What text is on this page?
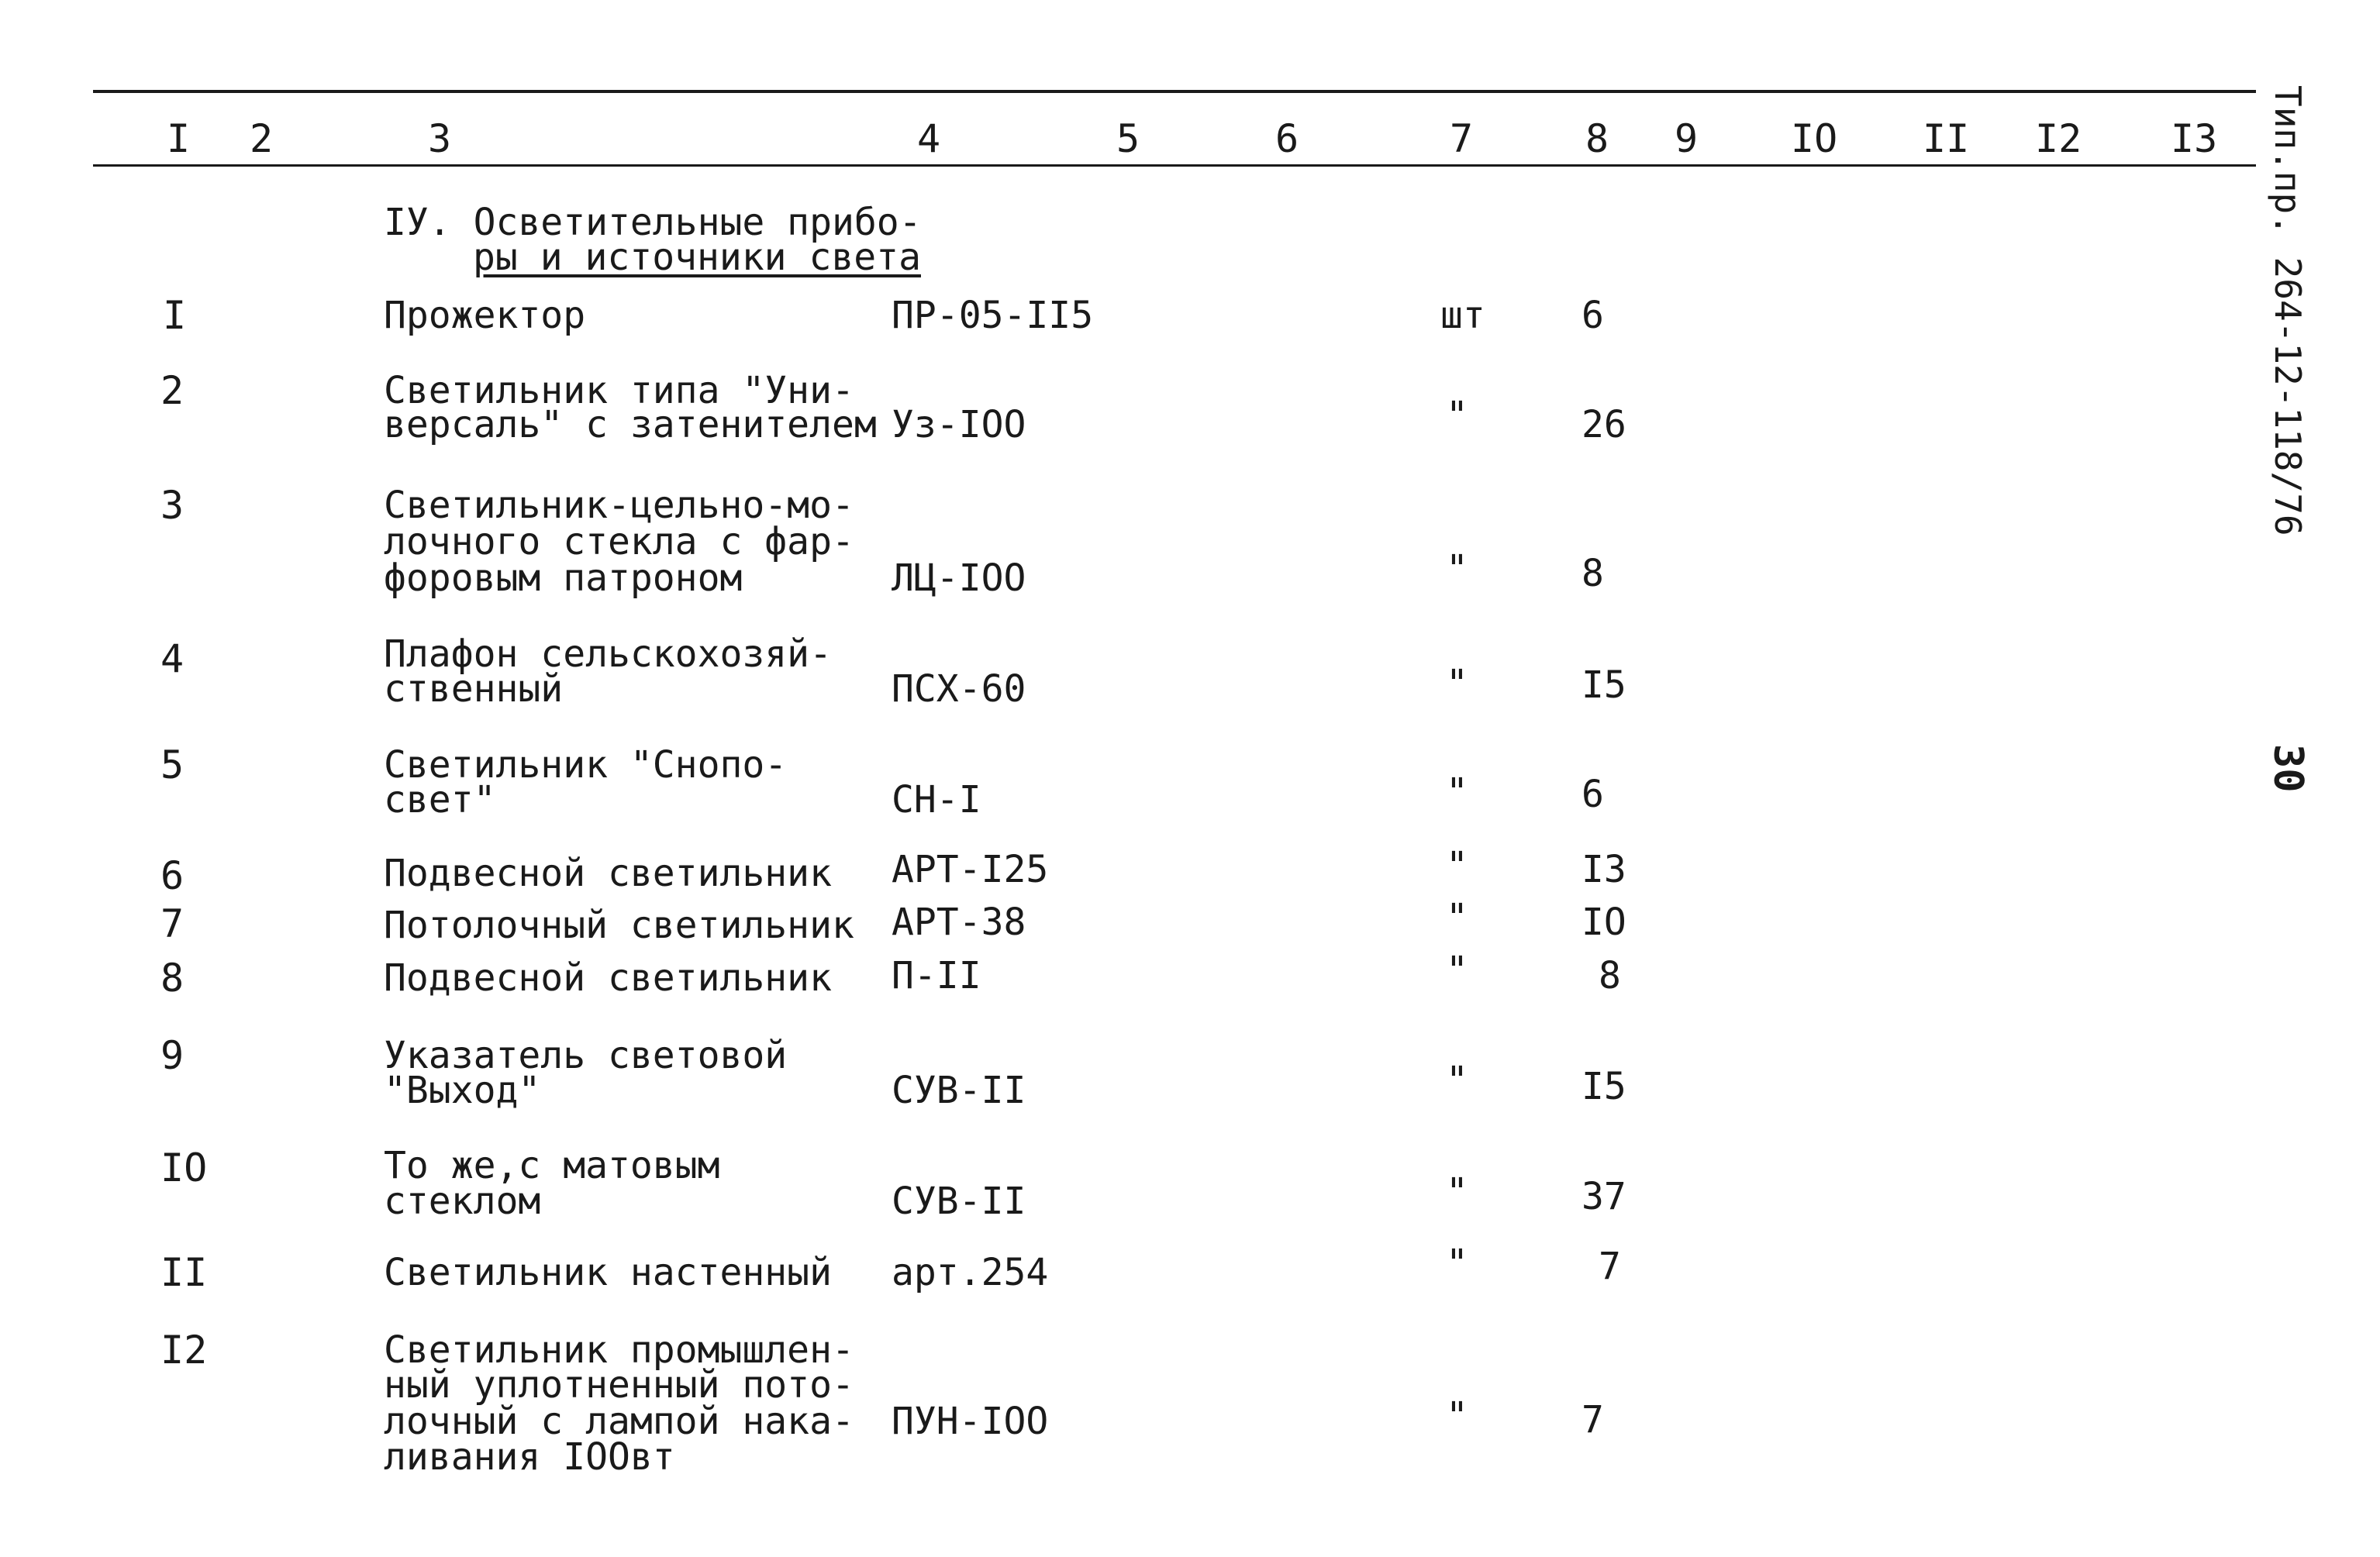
I 2	3	4	5	6	7	8 9 IO II I2 I3
IУ. Осветительные прибо-
ры и источники света
I	Прожектор	ПР-05-II5	шт	6
2	Светильник типа "Уни-
версаль" с затенителем Уз-IOO	"	26
3	Светильник-цельно-мо-
лочного стекла с фар-
форовым патроном	ЛЦ-IOO	"	8
4	Плафон сельскохозяй-
ственный	ПСХ-60	"	I5
5	Светильник "Снопо-
свет"	СН-I	"	6
6	Подвесной светильник АРТ-I25	"	I3
7	Потолочный светильник АРТ-38	"	IO
8	Подвесной светильник П-II	"	8
9	Указатель световой
"Выход"	СУВ-II	"	I5
IO	То же,с матовым
стеклом	СУВ-II	"	37
II	Светильник настенный арт.254	"	7
I2	Светильник промышлен-
ный уплотненный пото-
лочный с лампой нака-
ливания IOOвт
ПУН-IOO	"	7
Тип.пр. 264-12-118/76
30
